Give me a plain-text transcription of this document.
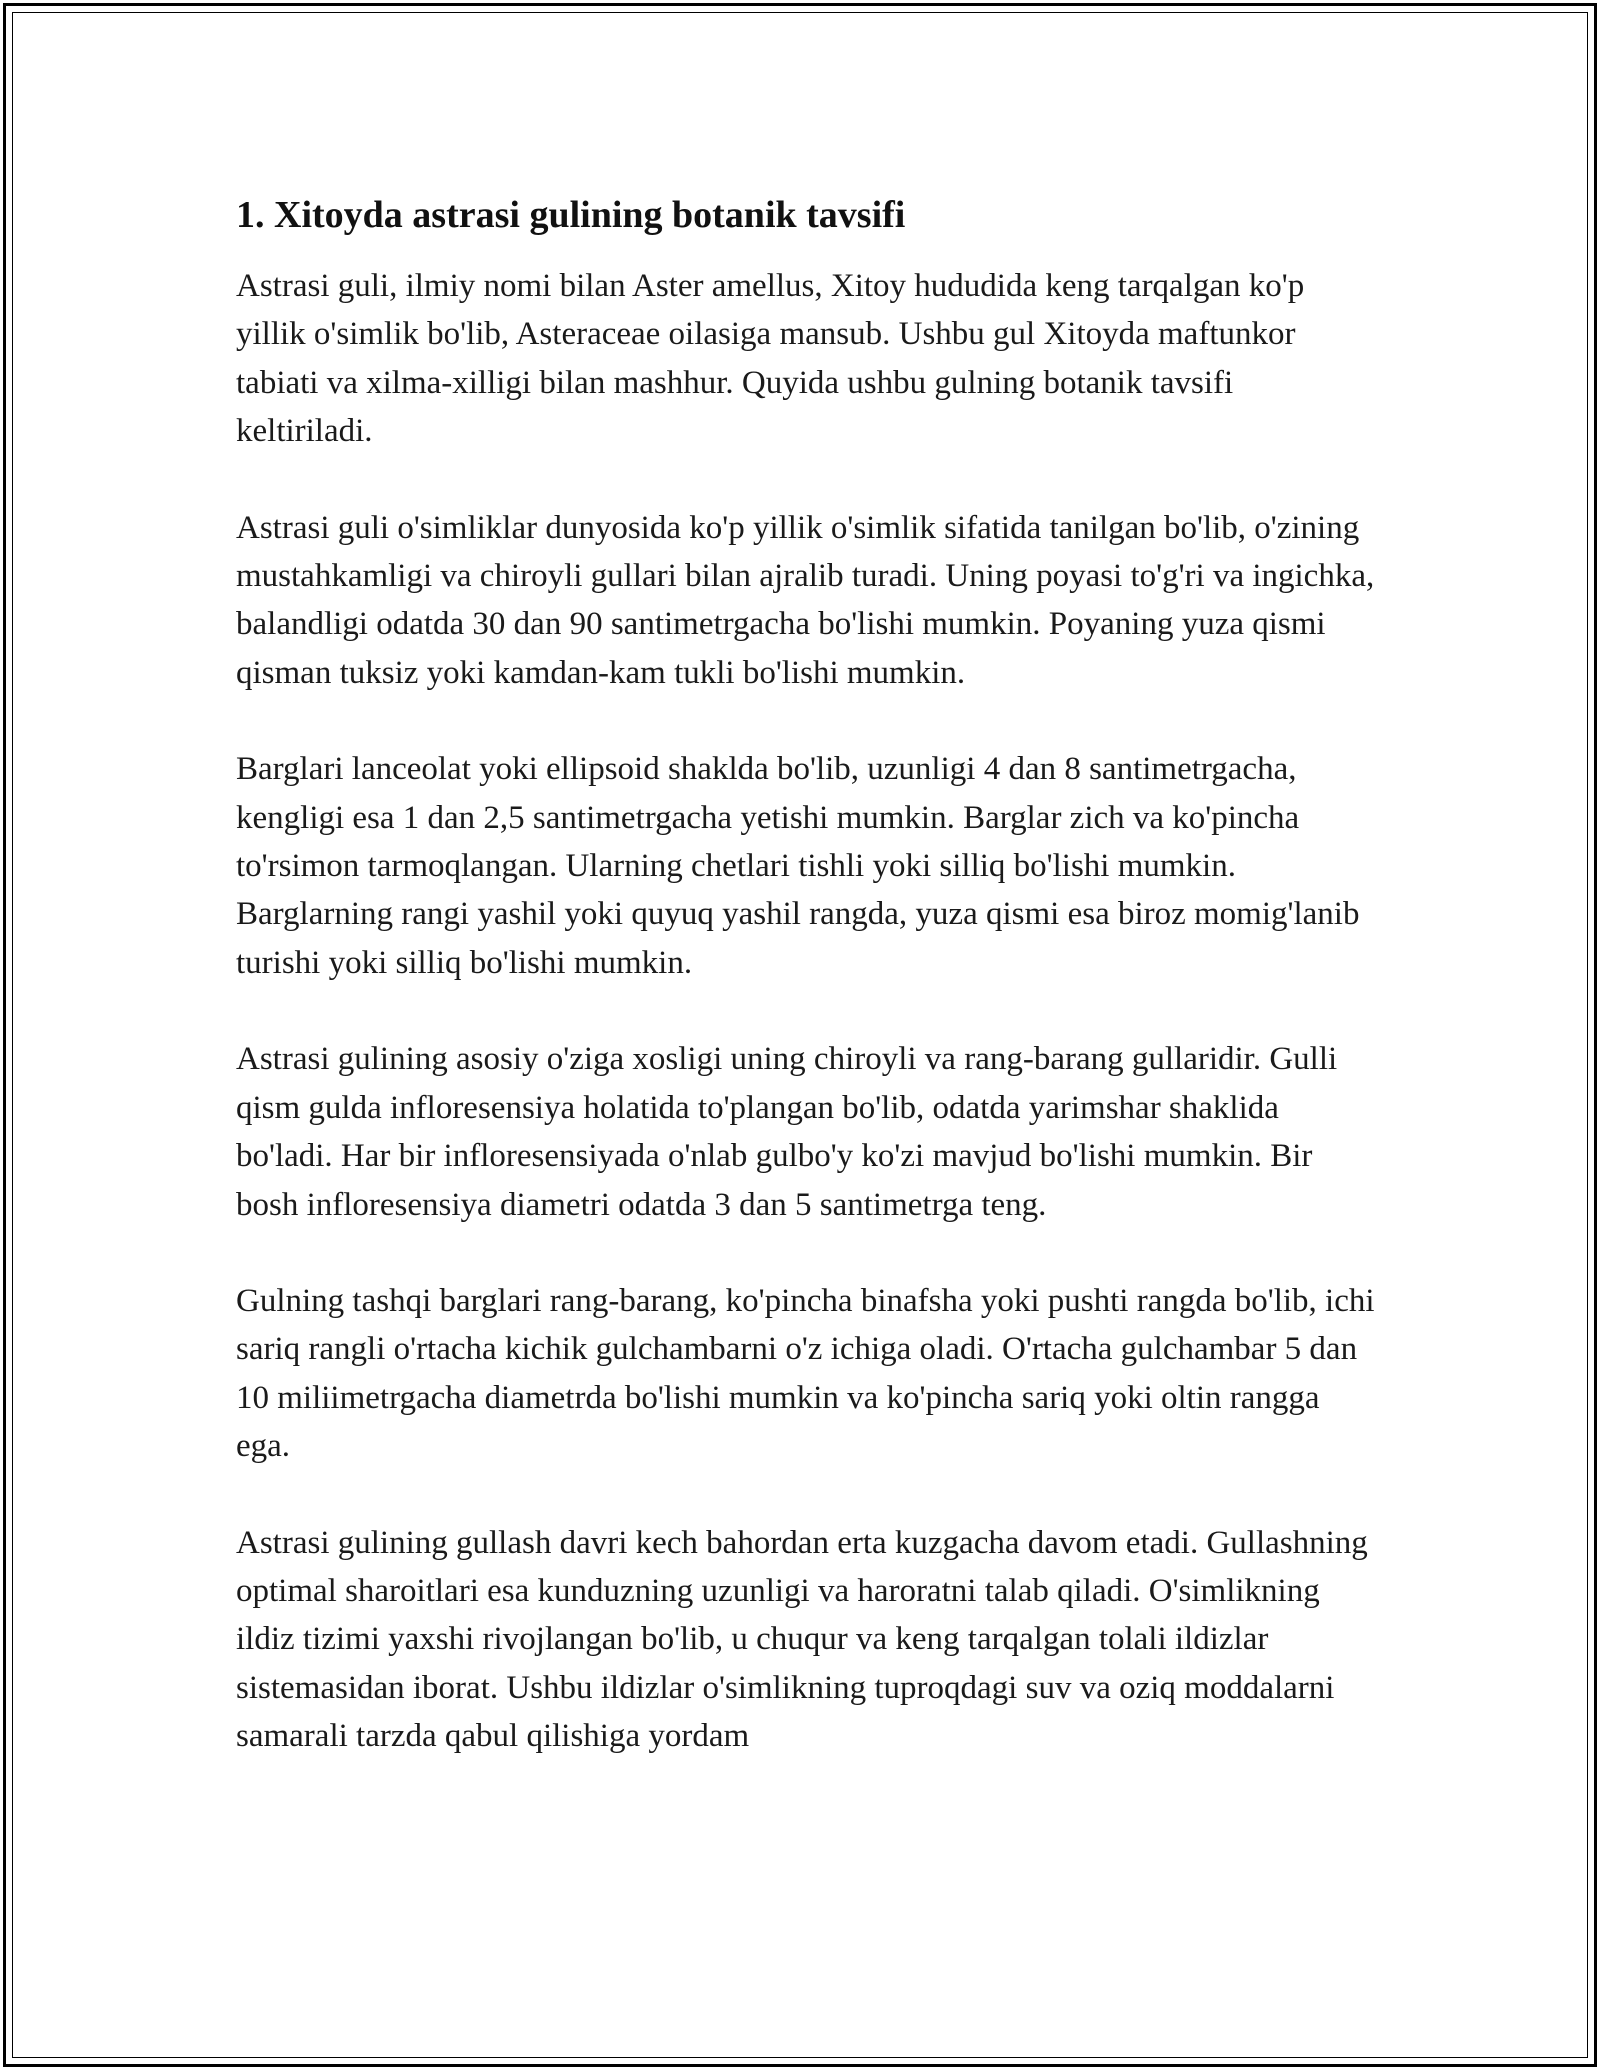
1. Xitoyda astrasi gulining botanik tavsifi

Astrasi guli, ilmiy nomi bilan Aster amellus, Xitoy hududida keng tarqalgan ko'p yillik o'simlik bo'lib, Asteraceae oilasiga mansub. Ushbu gul Xitoyda maftunkor tabiati va xilma-xilligi bilan mashhur. Quyida ushbu gulning botanik tavsifi keltiriladi.

Astrasi guli o'simliklar dunyosida ko'p yillik o'simlik sifatida tanilgan bo'lib, o'zining mustahkamligi va chiroyli gullari bilan ajralib turadi. Uning poyasi to'g'ri va ingichka, balandligi odatda 30 dan 90 santimetrgacha bo'lishi mumkin. Poyaning yuza qismi qisman tuksiz yoki kamdan-kam tukli bo'lishi mumkin.

Barglari lanceolat yoki ellipsoid shakldа bo'lib, uzunligi 4 dan 8 santimetrgacha, kengligi esa 1 dan 2,5 santimetrgacha yetishi mumkin. Barglar zich va ko'pincha to'rsimon tarmoqlangan. Ularning chetlari tishli yoki silliq bo'lishi mumkin. Barglarning rangi yashil yoki quyuq yashil rangda, yuza qismi esa biroz momig'lanib turishi yoki silliq bo'lishi mumkin.

Astrasi gulining asosiy o'ziga xosligi uning chiroyli va rang-barang gullaridir. Gulli qism gulda infloresensiya holatida to'plangan bo'lib, odatda yarimshar shaklida bo'ladi. Har bir infloresensiyada o'nlab gulbo'y ko'zi mavjud bo'lishi mumkin. Bir bosh infloresensiya diametri odatda 3 dan 5 santimetrga teng.

Gulning tashqi barglari rang-barang, ko'pincha binafsha yoki pushti rangda bo'lib, ichi sariq rangli o'rtacha kichik gulchambarni o'z ichiga oladi. O'rtacha gulchambar 5 dan 10 miliimetrgacha diametrda bo'lishi mumkin va ko'pincha sariq yoki oltin rangga ega.

Astrasi gulining gullash davri kech bahordan erta kuzgacha davom etadi. Gullashning optimal sharoitlari esa kunduzning uzunligi va haroratni talab qiladi. O'simlikning ildiz tizimi yaxshi rivojlangan bo'lib, u chuqur va keng tarqalgan tolali ildizlar sistemasidan iborat. Ushbu ildizlar o'simlikning tuproqdagi suv va oziq moddalarni samarali tarzda qabul qilishiga yordam
